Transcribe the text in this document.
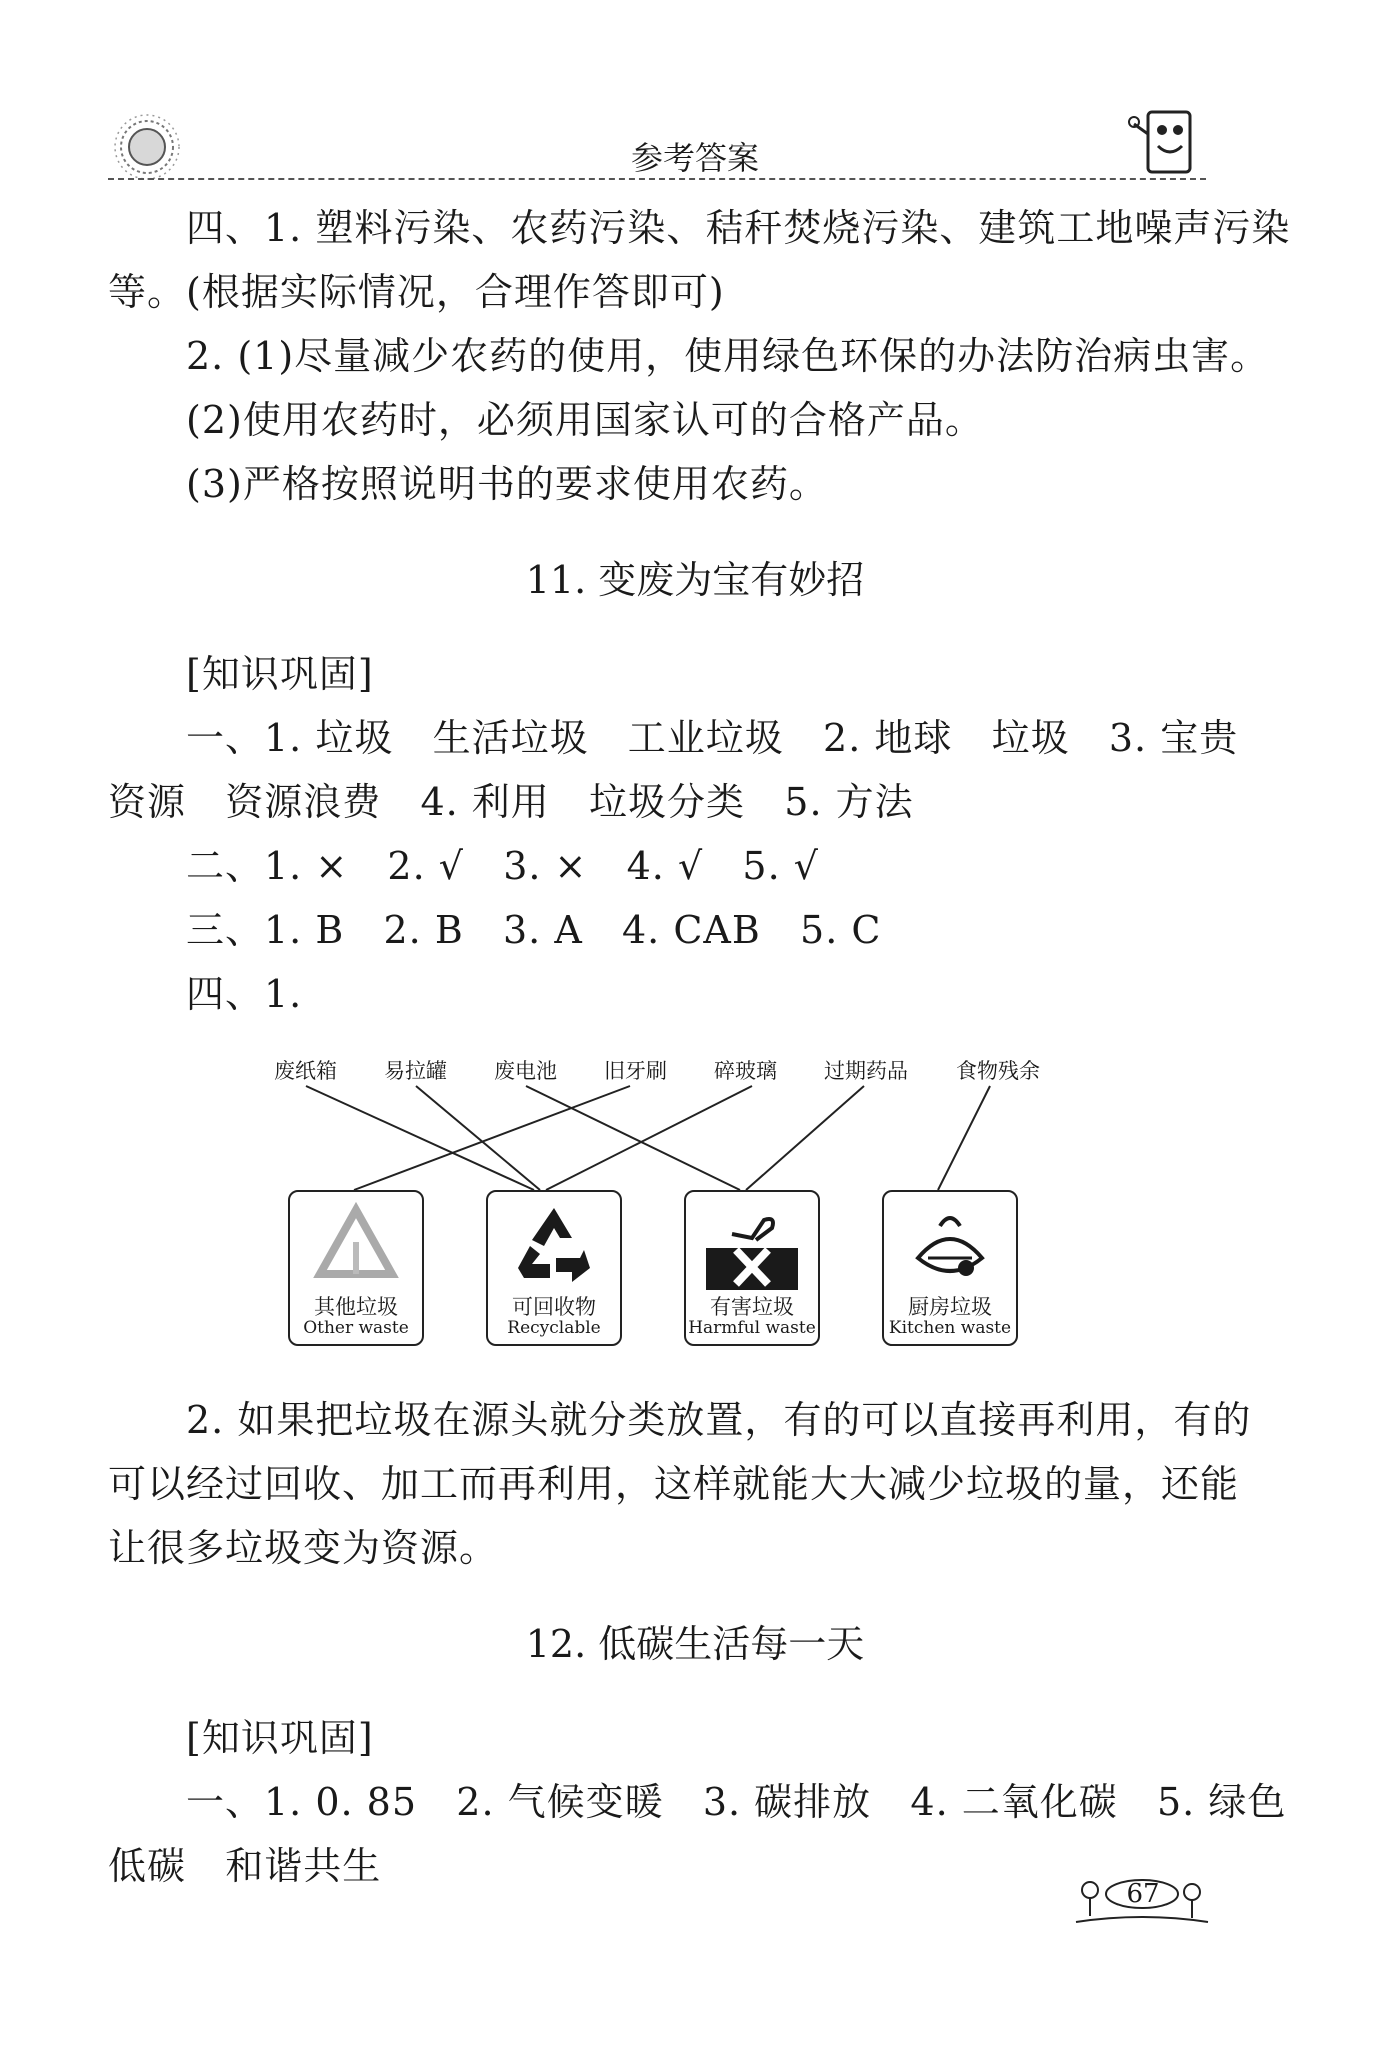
参考答案
四、1. 塑料污染、农药污染、秸秆焚烧污染、建筑工地噪声污染
等。(根据实际情况，合理作答即可)
2. (1)尽量减少农药的使用，使用绿色环保的办法防治病虫害。
(2)使用农药时，必须用国家认可的合格产品。
(3)严格按照说明书的要求使用农药。
11. 变废为宝有妙招
[知识巩固]
一、1. 垃圾   生活垃圾   工业垃圾   2. 地球   垃圾   3. 宝贵
资源   资源浪费   4. 利用   垃圾分类   5. 方法
二、1. ×   2. √   3. ×   4. √   5. √
三、1. B   2. B   3. A   4. CAB   5. C
四、1.
废纸箱 易拉罐 废电池 旧牙刷 碎玻璃 过期药品 食物残余
其他垃圾
Other waste
可回收物
Recyclable
有害垃圾
Harmful waste
厨房垃圾
Kitchen waste
2. 如果把垃圾在源头就分类放置，有的可以直接再利用，有的
可以经过回收、加工而再利用，这样就能大大减少垃圾的量，还能
让很多垃圾变为资源。
12. 低碳生活每一天
[知识巩固]
一、1. 0. 85   2. 气候变暖   3. 碳排放   4. 二氧化碳   5. 绿色
低碳   和谐共生
67
